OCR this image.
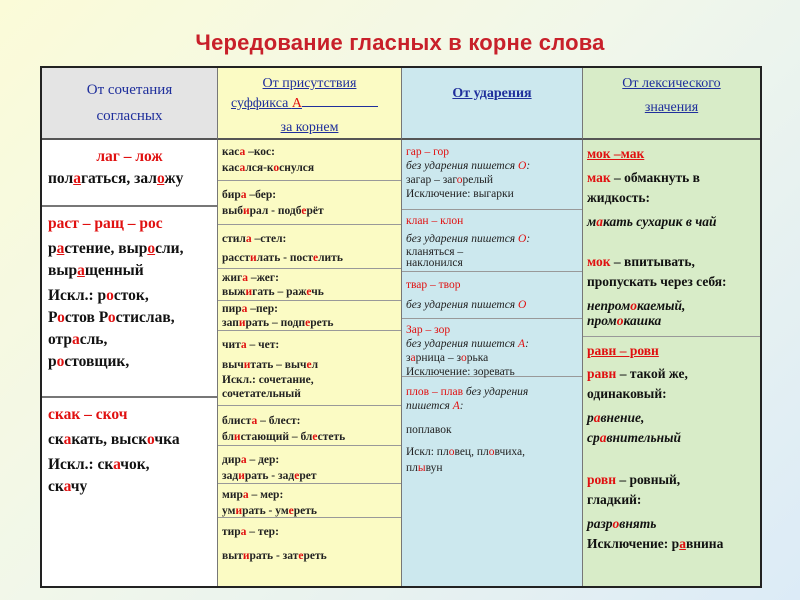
Чередование гласных в корне слова
От сочетания
согласных
От присутствия
суффикса А
за корнем
От ударения
От лексического
значения
лаг – лож
полагаться, заложу
раст – ращ – рос
растение, выросли,
выращенный
Искл.: росток,
Ростов Ростислав,
отрасль,
ростовщик,
скак – скоч
скакать, выскочка
Искл.: скачок,
скачу
каса –кос:
касался-коснулся
бира –бер:
выбирал - подберёт
стила –стел:
расстилать - постелить
жига –жег:
выжигать – ражечь
пира –пер:
запирать – подпереть
чита – чет:
вычитать – вычел
Искл.: сочетание,
сочетательный
блиста – блест:
блистающий – блестеть
дира – дер:
задирать - задерет
мира – мер:
умирать - умереть
тира – тер:
вытирать - затереть
гар – гор
без ударения пишется О:
загар – загорелый
Исключение: выгарки
клан – клон
без ударения пишется О:
кланяться –
наклонился
твар – твор
без ударения пишется О
Зар – зор
без ударения пишется А:
зарница – зорька
Исключение: зоревать
плов – плав без ударения
пишется А:
поплавок
Искл: пловец, пловчиха,
плывун
мок –мак
мак – обмакнуть в
жидкость:
макать сухарик в чай
мок – впитывать,
пропускать через себя:
непромокаемый,
промокашка
равн – ровн
равн – такой же,
одинаковый:
равнение,
сравнительный
ровн – ровный,
гладкий:
разровнять
Исключение: равнина
